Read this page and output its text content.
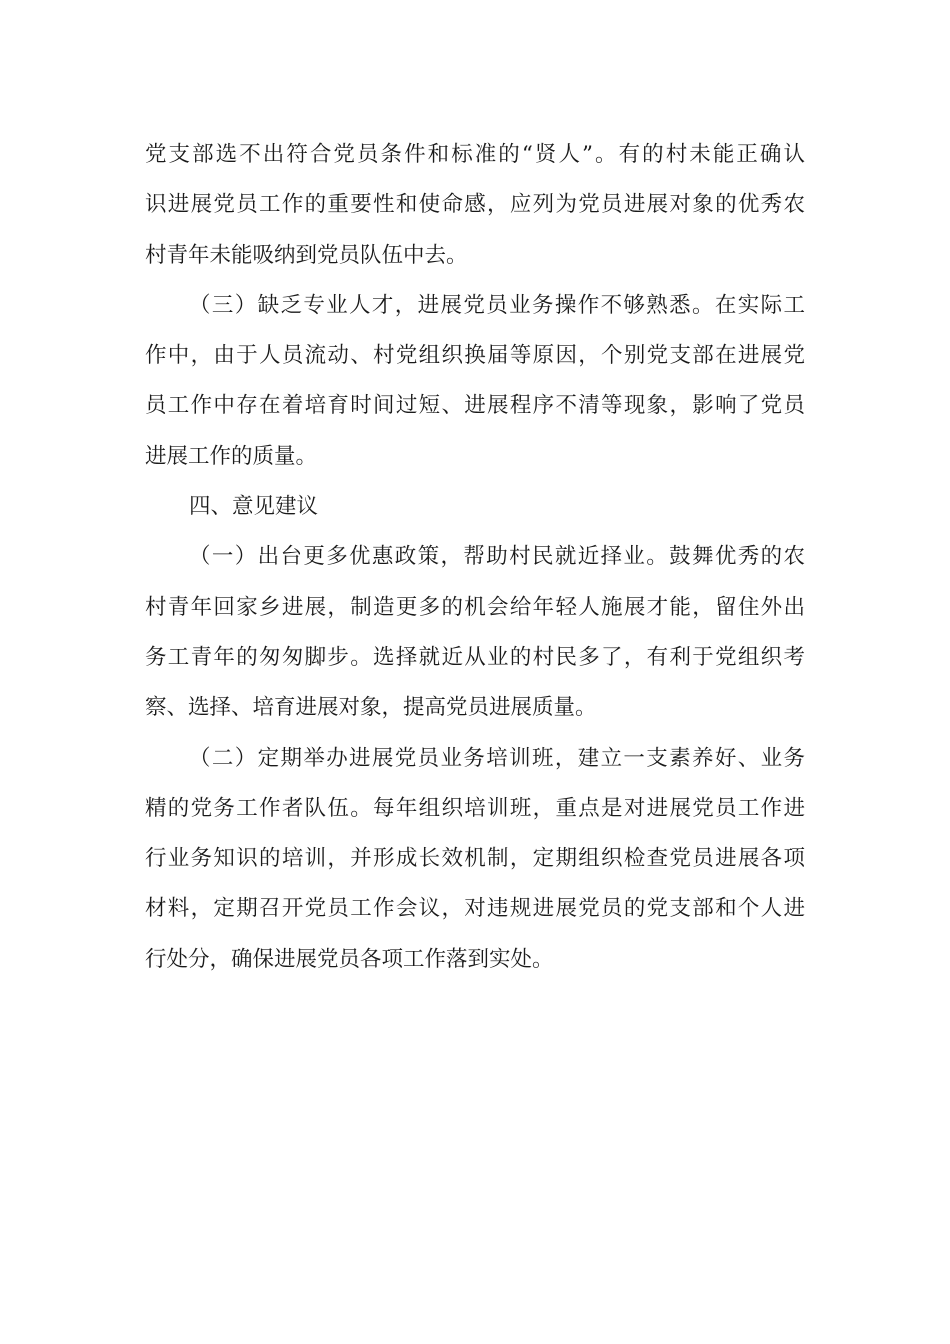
党支部选不出符合党员条件和标准的“贤人”。有的村未能正确认
识进展党员工作的重要性和使命感，应列为党员进展对象的优秀农
村青年未能吸纳到党员队伍中去。
（三）缺乏专业人才，进展党员业务操作不够熟悉。在实际工
作中，由于人员流动、村党组织换届等原因，个别党支部在进展党
员工作中存在着培育时间过短、进展程序不清等现象，影响了党员
进展工作的质量。
四、意见建议
（一）出台更多优惠政策，帮助村民就近择业。鼓舞优秀的农
村青年回家乡进展，制造更多的机会给年轻人施展才能，留住外出
务工青年的匆匆脚步。选择就近从业的村民多了，有利于党组织考
察、选择、培育进展对象，提高党员进展质量。
（二）定期举办进展党员业务培训班，建立一支素养好、业务
精的党务工作者队伍。每年组织培训班，重点是对进展党员工作进
行业务知识的培训，并形成长效机制，定期组织检查党员进展各项
材料，定期召开党员工作会议，对违规进展党员的党支部和个人进
行处分，确保进展党员各项工作落到实处。
